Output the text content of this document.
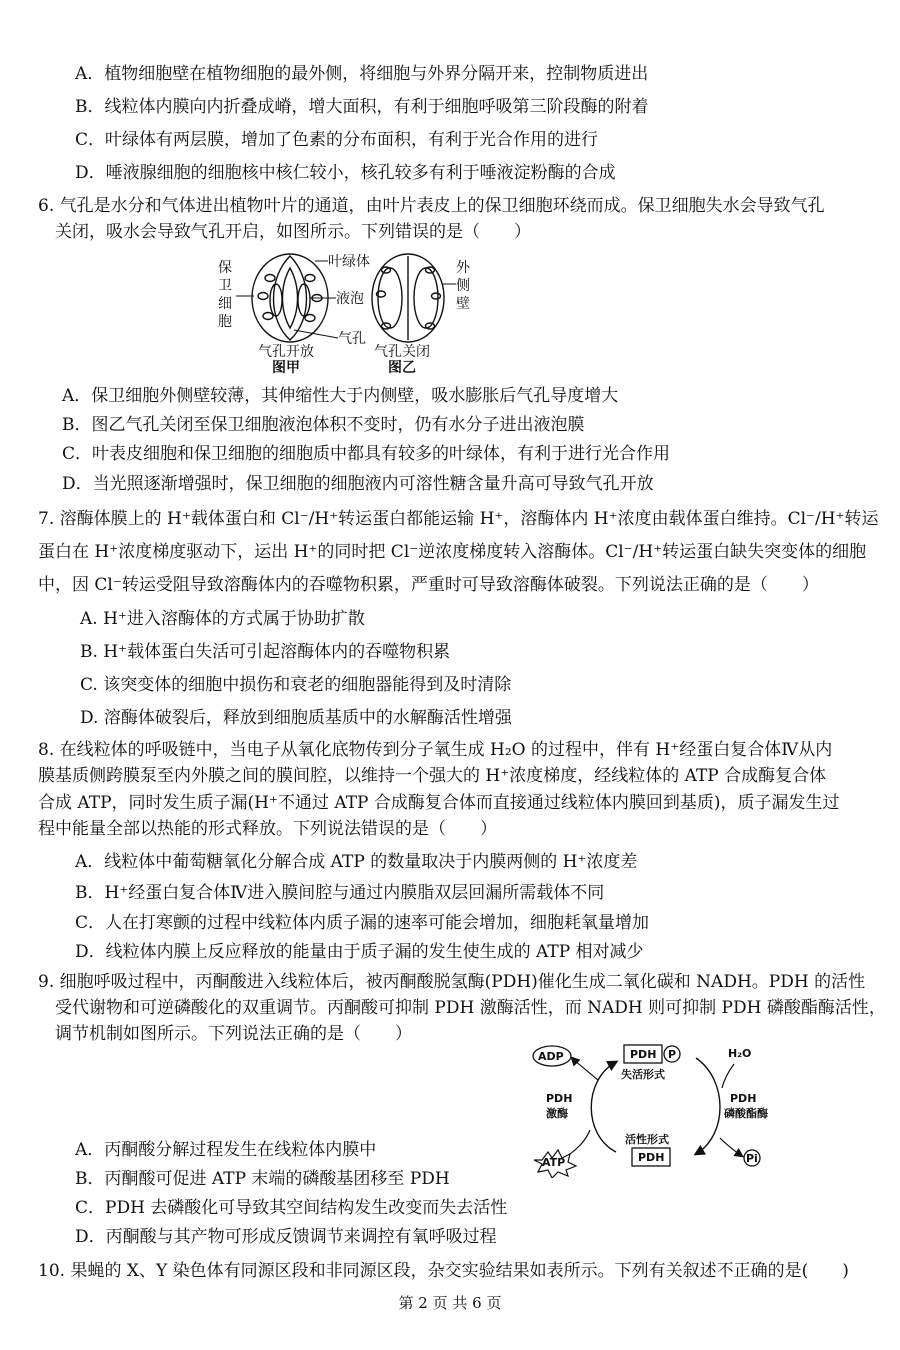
A．植物细胞壁在植物细胞的最外侧，将细胞与外界分隔开来，控制物质进出
B．线粒体内膜向内折叠成嵴，增大面积，有利于细胞呼吸第三阶段酶的附着
C．叶绿体有两层膜，增加了色素的分布面积，有利于光合作用的进行
D．唾液腺细胞的细胞核中核仁较小，核孔较多有利于唾液淀粉酶的合成
6. 气孔是水分和气体进出植物叶片的通道，由叶片表皮上的保卫细胞环绕而成。保卫细胞失水会导致气孔
关闭，吸水会导致气孔开启，如图所示。下列错误的是（　　）
保
卫
细
胞
叶绿体
液泡
气孔
外
侧
壁
气孔开放
图甲
气孔关闭
图乙
A．保卫细胞外侧壁较薄，其伸缩性大于内侧壁，吸水膨胀后气孔导度增大
B．图乙气孔关闭至保卫细胞液泡体积不变时，仍有水分子进出液泡膜
C．叶表皮细胞和保卫细胞的细胞质中都具有较多的叶绿体，有利于进行光合作用
D．当光照逐渐增强时，保卫细胞的细胞液内可溶性糖含量升高可导致气孔开放
7. 溶酶体膜上的 H⁺载体蛋白和 Cl⁻/H⁺转运蛋白都能运输 H⁺，溶酶体内 H⁺浓度由载体蛋白维持。Cl⁻/H⁺转运
蛋白在 H⁺浓度梯度驱动下，运出 H⁺的同时把 Cl⁻逆浓度梯度转入溶酶体。Cl⁻/H⁺转运蛋白缺失突变体的细胞
中，因 Cl⁻转运受阻导致溶酶体内的吞噬物积累，严重时可导致溶酶体破裂。下列说法正确的是（　　）
A. H⁺进入溶酶体的方式属于协助扩散
B. H⁺载体蛋白失活可引起溶酶体内的吞噬物积累
C. 该突变体的细胞中损伤和衰老的细胞器能得到及时清除
D. 溶酶体破裂后，释放到细胞质基质中的水解酶活性增强
8. 在线粒体的呼吸链中，当电子从氧化底物传到分子氧生成 H₂O 的过程中，伴有 H⁺经蛋白复合体Ⅳ从内
膜基质侧跨膜泵至内外膜之间的膜间腔，以维持一个强大的 H⁺浓度梯度，经线粒体的 ATP 合成酶复合体
合成 ATP，同时发生质子漏(H⁺不通过 ATP 合成酶复合体而直接通过线粒体内膜回到基质)，质子漏发生过
程中能量全部以热能的形式释放。下列说法错误的是（　　）
A．线粒体中葡萄糖氧化分解合成 ATP 的数量取决于内膜两侧的 H⁺浓度差
B．H⁺经蛋白复合体Ⅳ进入膜间腔与通过内膜脂双层回漏所需载体不同
C．人在打寒颤的过程中线粒体内质子漏的速率可能会增加，细胞耗氧量增加
D．线粒体内膜上反应释放的能量由于质子漏的发生使生成的 ATP 相对减少
9. 细胞呼吸过程中，丙酮酸进入线粒体后，被丙酮酸脱氢酶(PDH)催化生成二氧化碳和 NADH。PDH 的活性
受代谢物和可逆磷酸化的双重调节。丙酮酸可抑制 PDH 激酶活性，而 NADH 则可抑制 PDH 磷酸酯酶活性，
调节机制如图所示。下列说法正确的是（　　）
ADP	PDH P
失活形式
H₂O
PDH
激酶
PDH
磷酸酯酶
活性形式
PDH
ATP	Pi
A．丙酮酸分解过程发生在线粒体内膜中
B．丙酮酸可促进 ATP 末端的磷酸基团移至 PDH
C．PDH 去磷酸化可导致其空间结构发生改变而失去活性
D．丙酮酸与其产物可形成反馈调节来调控有氧呼吸过程
10. 果蝇的 X、Y 染色体有同源区段和非同源区段，杂交实验结果如表所示。下列有关叙述不正确的是(　　)
第 2 页 共 6 页
